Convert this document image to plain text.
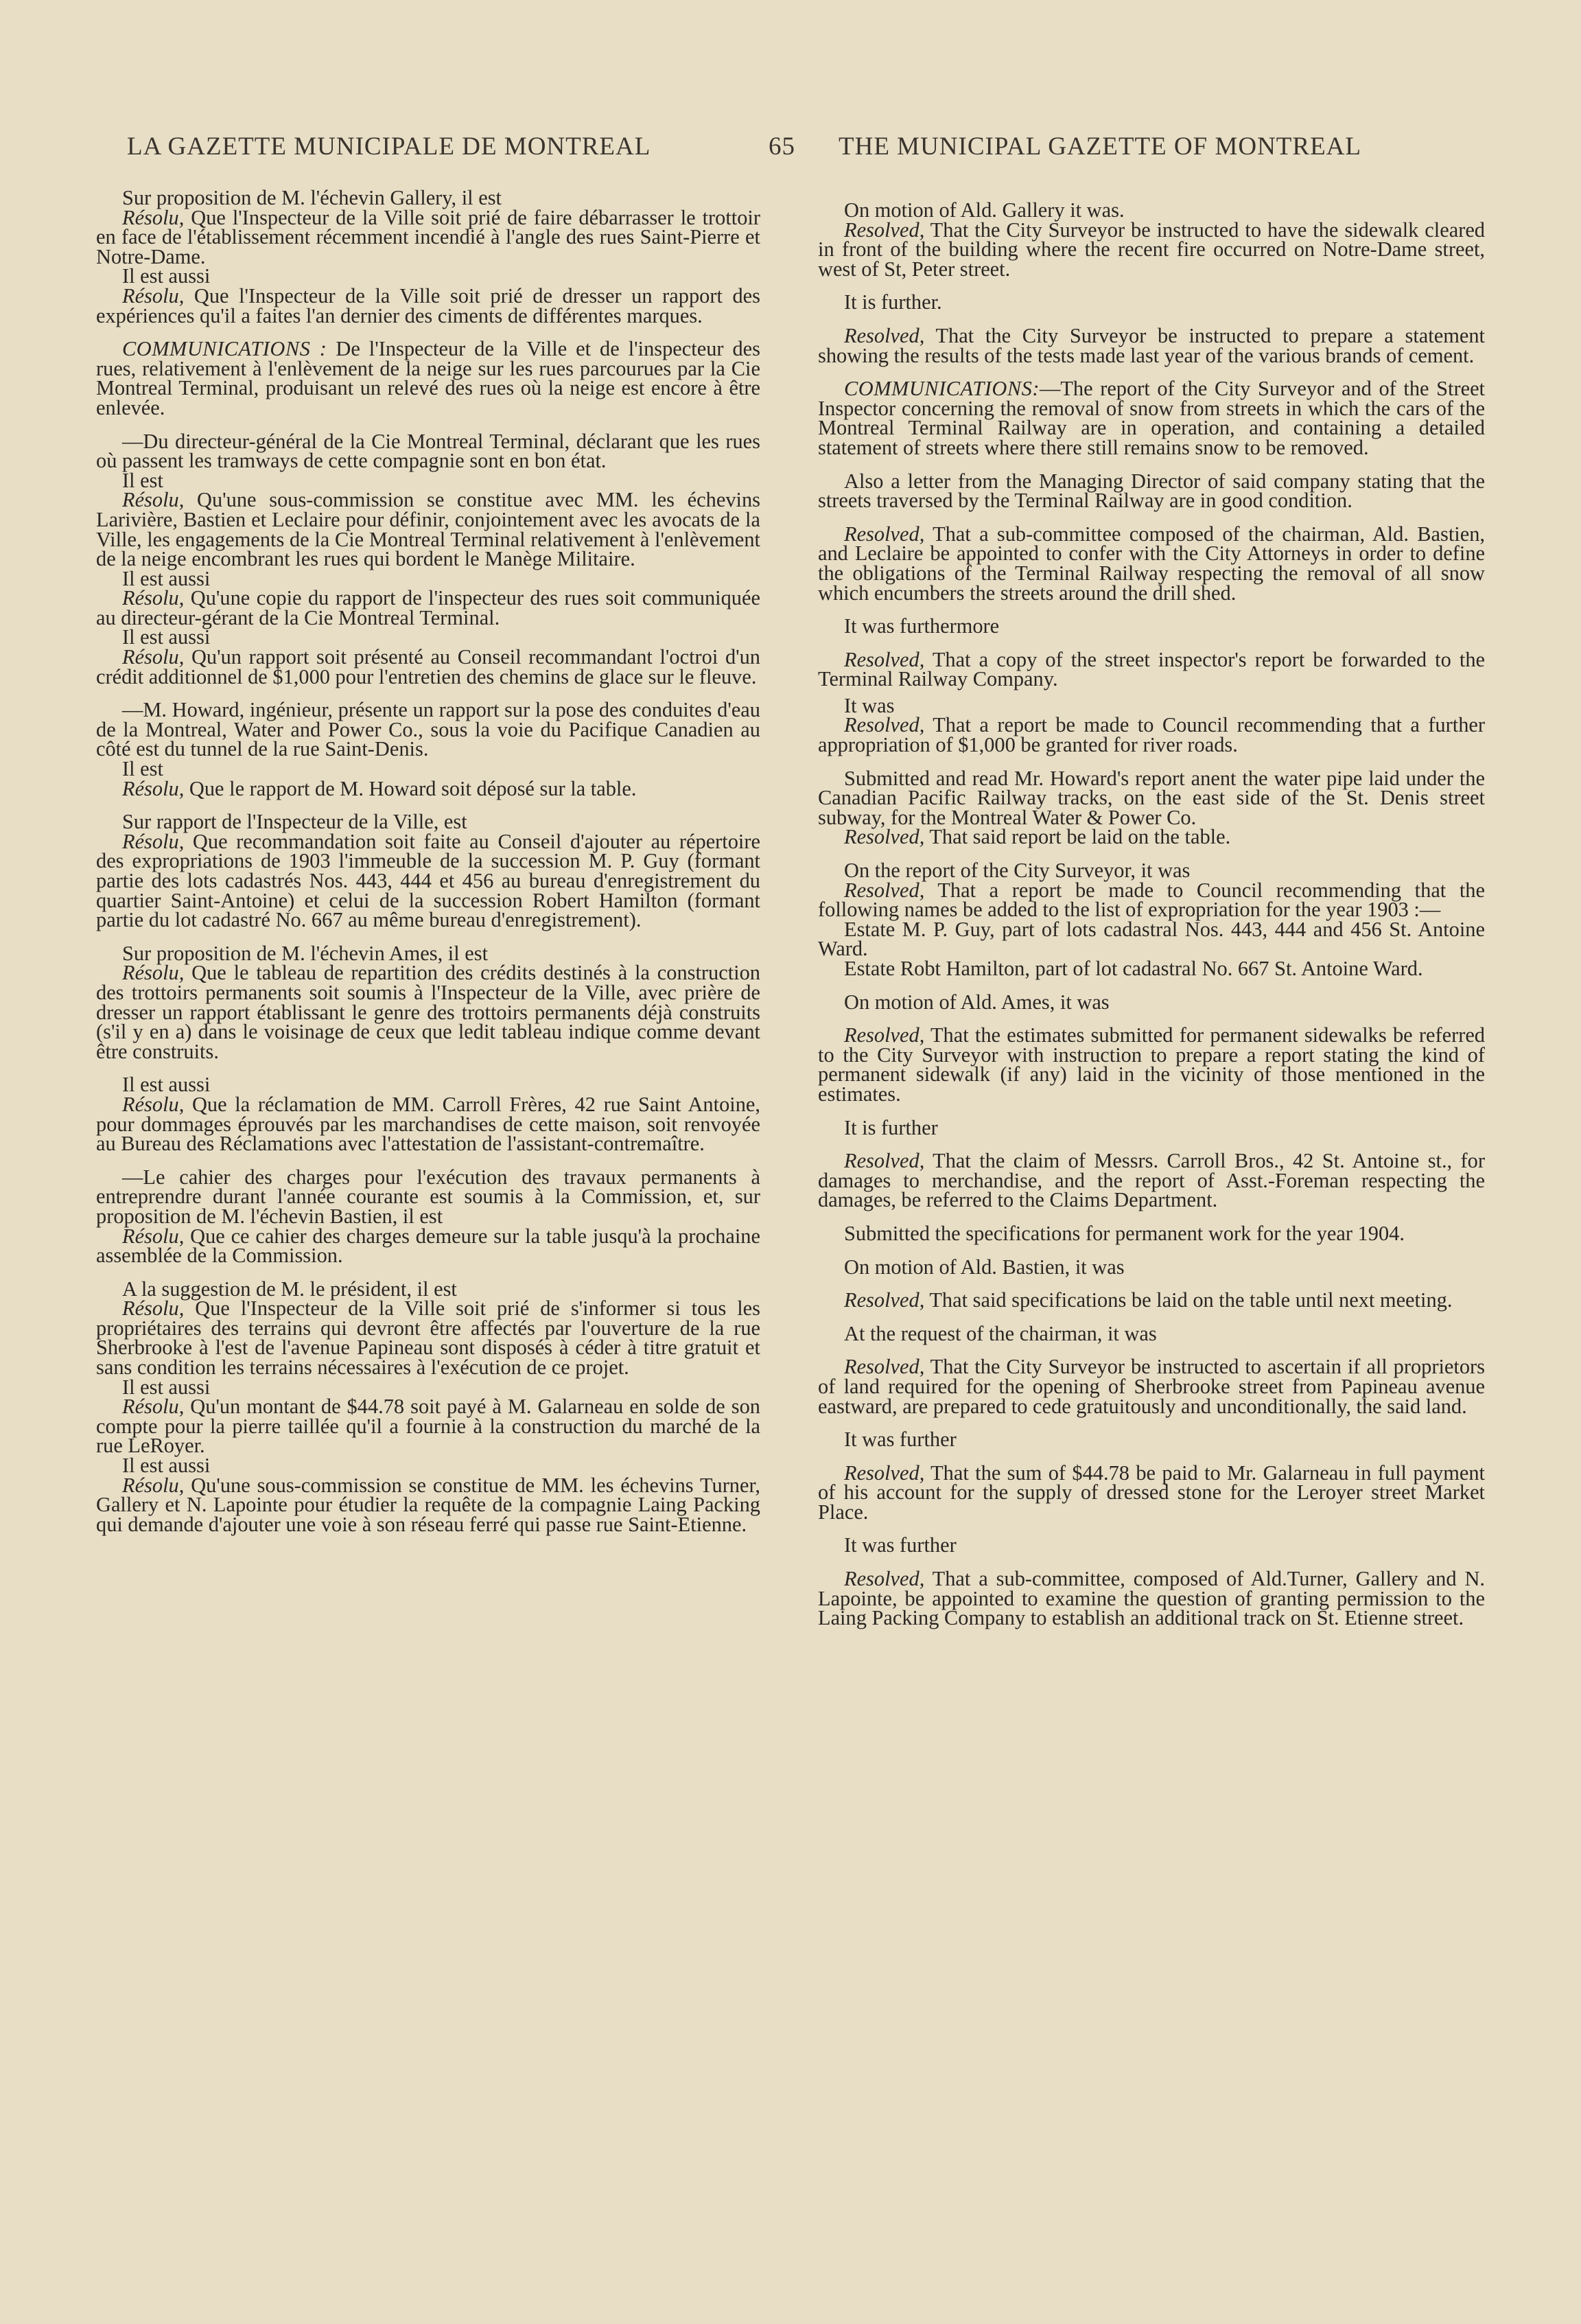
LA GAZETTE MUNICIPALE DE MONTREAL	65 THE MUNICIPAL GAZETTE OF MONTREAL

Sur proposition de M. l'échevin Gallery, il est

Résolu, Que l'Inspecteur de la Ville soit prié de faire débarrasser le trottoir en face de l'établissement récemment incendié à l'angle des rues Saint-Pierre et Notre-Dame.

Il est aussi

Résolu, Que l'Inspecteur de la Ville soit prié de dresser un rapport des expériences qu'il a faites l'an dernier des ciments de différentes marques.

COMMUNICATIONS : De l'Inspecteur de la Ville et de l'inspecteur des rues, relativement à l'enlèvement de la neige sur les rues parcourues par la Cie Montreal Terminal, produisant un relevé des rues où la neige est encore à être enlevée.

—Du directeur-général de la Cie Montreal Terminal, déclarant que les rues où passent les tramways de cette compagnie sont en bon état.

Il est

Résolu, Qu'une sous-commission se constitue avec MM. les échevins Larivière, Bastien et Leclaire pour définir, conjointement avec les avocats de la Ville, les engagements de la Cie Montreal Terminal relativement à l'enlèvement de la neige encombrant les rues qui bordent le Manège Militaire.

Il est aussi

Résolu, Qu'une copie du rapport de l'inspecteur des rues soit communiquée au directeur-gérant de la Cie Montreal Terminal.

Il est aussi

Résolu, Qu'un rapport soit présenté au Conseil recommandant l'octroi d'un crédit additionnel de $1,000 pour l'entretien des chemins de glace sur le fleuve.

—M. Howard, ingénieur, présente un rapport sur la pose des conduites d'eau de la Montreal, Water and Power Co., sous la voie du Pacifique Canadien au côté est du tunnel de la rue Saint-Denis.

Il est

Résolu, Que le rapport de M. Howard soit déposé sur la table.

Sur rapport de l'Inspecteur de la Ville, est

Résolu, Que recommandation soit faite au Conseil d'ajouter au répertoire des expropriations de 1903 l'immeuble de la succession M. P. Guy (formant partie des lots cadastrés Nos. 443, 444 et 456 au bureau d'enregistrement du quartier Saint-Antoine) et celui de la succession Robert Hamilton (formant partie du lot cadastré No. 667 au même bureau d'enregistrement).

Sur proposition de M. l'échevin Ames, il est

Résolu, Que le tableau de repartition des crédits destinés à la construction des trottoirs permanents soit soumis à l'Inspecteur de la Ville, avec prière de dresser un rapport établissant le genre des trottoirs permanents déjà construits (s'il y en a) dans le voisinage de ceux que ledit tableau indique comme devant être construits.

Il est aussi

Résolu, Que la réclamation de MM. Carroll Frères, 42 rue Saint Antoine, pour dommages éprouvés par les marchandises de cette maison, soit renvoyée au Bureau des Réclamations avec l'attestation de l'assistant-contremaître.

—Le cahier des charges pour l'exécution des travaux permanents à entreprendre durant l'année courante est soumis à la Commission, et, sur proposition de M. l'échevin Bastien, il est

Résolu, Que ce cahier des charges demeure sur la table jusqu'à la prochaine assemblée de la Commission.

A la suggestion de M. le président, il est

Résolu, Que l'Inspecteur de la Ville soit prié de s'informer si tous les propriétaires des terrains qui devront être affectés par l'ouverture de la rue Sherbrooke à l'est de l'avenue Papineau sont disposés à céder à titre gratuit et sans condition les terrains nécessaires à l'exécution de ce projet.

Il est aussi

Résolu, Qu'un montant de $44.78 soit payé à M. Galarneau en solde de son compte pour la pierre taillée qu'il a fournie à la construction du marché de la rue LeRoyer.

Il est aussi

Résolu, Qu'une sous-commission se constitue de MM. les échevins Turner, Gallery et N. Lapointe pour étudier la requête de la compagnie Laing Packing qui demande d'ajouter une voie à son réseau ferré qui passe rue Saint-Etienne.

On motion of Ald. Gallery it was.

Resolved, That the City Surveyor be instructed to have the sidewalk cleared in front of the building where the recent fire occurred on Notre-Dame street, west of St, Peter street.

It is further.

Resolved, That the City Surveyor be instructed to prepare a statement showing the results of the tests made last year of the various brands of cement.

COMMUNICATIONS:—The report of the City Surveyor and of the Street Inspector concerning the removal of snow from streets in which the cars of the Montreal Terminal Railway are in operation, and containing a detailed statement of streets where there still remains snow to be removed.

Also a letter from the Managing Director of said company stating that the streets traversed by the Terminal Railway are in good condition.

Resolved, That a sub-committee composed of the chairman, Ald. Bastien, and Leclaire be appointed to confer with the City Attorneys in order to define the obligations of the Terminal Railway respecting the removal of all snow which encumbers the streets around the drill shed.

It was furthermore

Resolved, That a copy of the street inspector's report be forwarded to the Terminal Railway Company.

It was

Resolved, That a report be made to Council recommending that a further appropriation of $1,000 be granted for river roads.

Submitted and read Mr. Howard's report anent the water pipe laid under the Canadian Pacific Railway tracks, on the east side of the St. Denis street subway, for the Montreal Water & Power Co.

Resolved, That said report be laid on the table.

On the report of the City Surveyor, it was

Resolved, That a report be made to Council recommending that the following names be added to the list of expropriation for the year 1903 :—

Estate M. P. Guy, part of lots cadastral Nos. 443, 444 and 456 St. Antoine Ward.

Estate Robt Hamilton, part of lot cadastral No. 667 St. Antoine Ward.

On motion of Ald. Ames, it was

Resolved, That the estimates submitted for permanent sidewalks be referred to the City Surveyor with instruction to prepare a report stating the kind of permanent sidewalk (if any) laid in the vicinity of those mentioned in the estimates.

It is further

Resolved, That the claim of Messrs. Carroll Bros., 42 St. Antoine st., for damages to merchandise, and the report of Asst.-Foreman respecting the damages, be referred to the Claims Department.

Submitted the specifications for permanent work for the year 1904.

On motion of Ald. Bastien, it was

Resolved, That said specifications be laid on the table until next meeting.

At the request of the chairman, it was

Resolved, That the City Surveyor be instructed to ascertain if all proprietors of land required for the opening of Sherbrooke street from Papineau avenue eastward, are prepared to cede gratuitously and unconditionally, the said land.

It was further

Resolved, That the sum of $44.78 be paid to Mr. Galarneau in full payment of his account for the supply of dressed stone for the Leroyer street Market Place.

It was further

Resolved, That a sub-committee, composed of Ald.Turner, Gallery and N. Lapointe, be appointed to examine the question of granting permission to the Laing Packing Company to establish an additional track on St. Etienne street.
